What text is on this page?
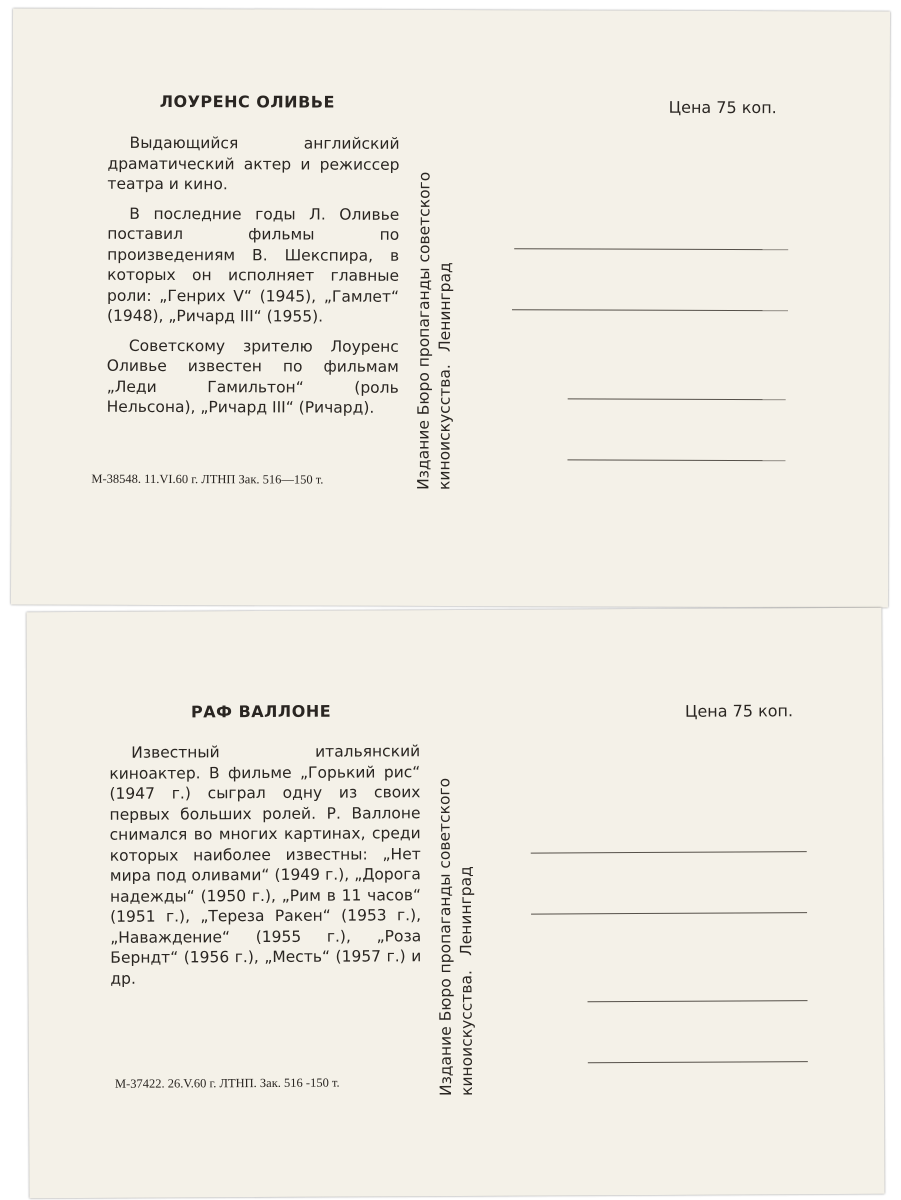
ЛОУРЕНС ОЛИВЬЕ	Цена 75 коп.

Выдающийся английский драматический актер и режиссер театра и кино.

В последние годы Л. Оливье поставил фильмы по произведениям В. Шекспира, в которых он исполняет главные роли: „Генрих V“ (1945), „Гамлет“ (1948), „Ричард III“ (1955).

Советскому зрителю Лоуренс Оливье известен по фильмам „Леди Гамильтон“ (роль Нельсона), „Ричард III“ (Ричард).

М-38548. 11.VI.60 г. ЛТНП Зак. 516—150 т.	Издание Бюро пропаганды советского киноискусства.
Ленинград
РАФ ВАЛЛОНЕ	Цена 75 коп.

Известный итальянский киноактер. В фильме „Горький рис“ (1947 г.) сыграл одну из своих первых больших ролей. Р. Валлоне снимался во многих картинах, среди которых наиболее известны: „Нет мира под оливами“ (1949 г.), „Дорога надежды“ (1950 г.), „Рим в 11 часов“ (1951 г.), „Тереза Ракен“ (1953 г.), „Наваждение“ (1955 г.), „Роза Берндт“ (1956 г.), „Месть“ (1957 г.) и др.

М-37422. 26.V.60 г. ЛТНП. Зак. 516 -150 т.	Издание Бюро пропаганды советского киноискусства.
Ленинград
